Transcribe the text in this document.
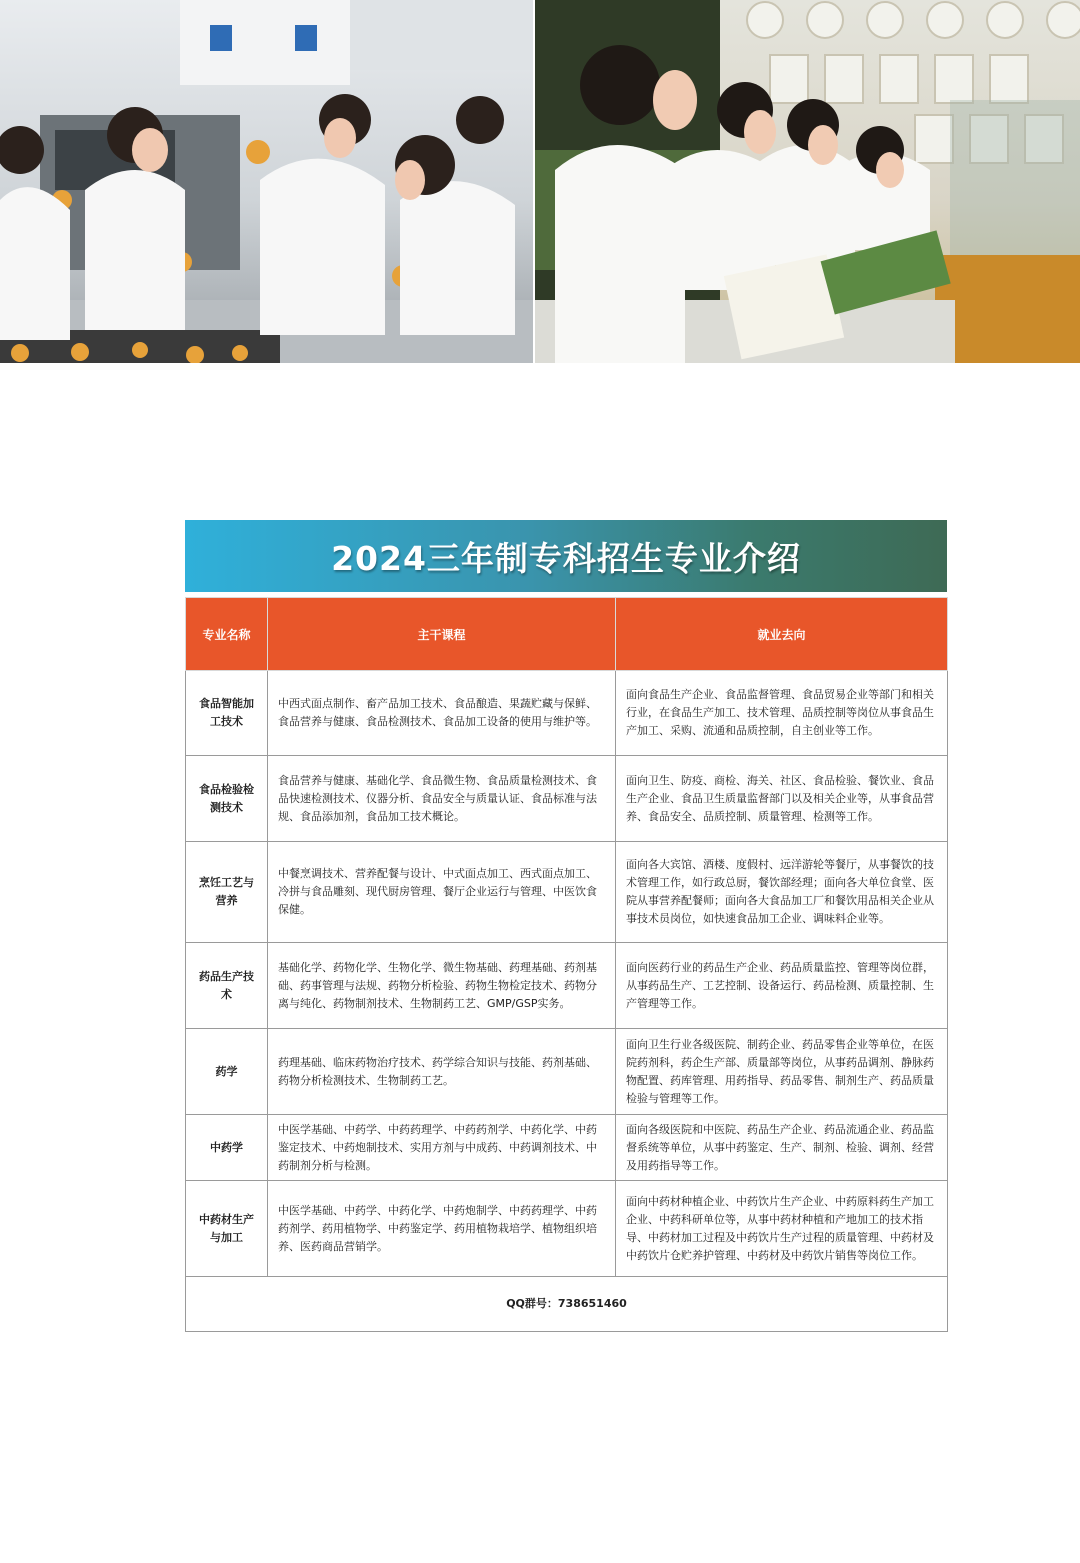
2024三年制专科招生专业介绍
专业名称	主干课程	就业去向
食品智能加工技术	中西式面点制作、畜产品加工技术、食品酿造、果蔬贮藏与保鲜、食品营养与健康、食品检测技术、食品加工设备的使用与维护等。	面向食品生产企业、食品监督管理、食品贸易企业等部门和相关行业，在食品生产加工、技术管理、品质控制等岗位从事食品生产加工、采购、流通和品质控制，自主创业等工作。
食品检验检测技术	食品营养与健康、基础化学、食品微生物、食品质量检测技术、食品快速检测技术、仪器分析、食品安全与质量认证、食品标准与法规、食品添加剂，食品加工技术概论。	面向卫生、防疫、商检、海关、社区、食品检验、餐饮业、食品生产企业、食品卫生质量监督部门以及相关企业等，从事食品营养、食品安全、品质控制、质量管理、检测等工作。
烹饪工艺与营养	中餐烹调技术、营养配餐与设计、中式面点加工、西式面点加工、冷拼与食品雕刻、现代厨房管理、餐厅企业运行与管理、中医饮食保健。	面向各大宾馆、酒楼、度假村、远洋游轮等餐厅，从事餐饮的技术管理工作，如行政总厨，餐饮部经理；面向各大单位食堂、医院从事营养配餐师；面向各大食品加工厂和餐饮用品相关企业从事技术员岗位，如快速食品加工企业、调味料企业等。
药品生产技术	基础化学、药物化学、生物化学、微生物基础、药理基础、药剂基础、药事管理与法规、药物分析检验、药物生物检定技术、药物分离与纯化、药物制剂技术、生物制药工艺、GMP/GSP实务。	面向医药行业的药品生产企业、药品质量监控、管理等岗位群，从事药品生产、工艺控制、设备运行、药品检测、质量控制、生产管理等工作。
药学	药理基础、临床药物治疗技术、药学综合知识与技能、药剂基础、药物分析检测技术、生物制药工艺。	面向卫生行业各级医院、制药企业、药品零售企业等单位，在医院药剂科，药企生产部、质量部等岗位，从事药品调剂、静脉药物配置、药库管理、用药指导、药品零售、制剂生产、药品质量检验与管理等工作。
中药学	中医学基础、中药学、中药药理学、中药药剂学、中药化学、中药鉴定技术、中药炮制技术、实用方剂与中成药、中药调剂技术、中药制剂分析与检测。	面向各级医院和中医院、药品生产企业、药品流通企业、药品监督系统等单位，从事中药鉴定、生产、制剂、检验、调剂、经营及用药指导等工作。
中药材生产与加工	中医学基础、中药学、中药化学、中药炮制学、中药药理学、中药药剂学、药用植物学、中药鉴定学、药用植物栽培学、植物组织培养、医药商品营销学。	面向中药材种植企业、中药饮片生产企业、中药原料药生产加工企业、中药科研单位等，从事中药材种植和产地加工的技术指导、中药材加工过程及中药饮片生产过程的质量管理、中药材及中药饮片仓贮养护管理、中药材及中药饮片销售等岗位工作。
QQ群号：738651460		
